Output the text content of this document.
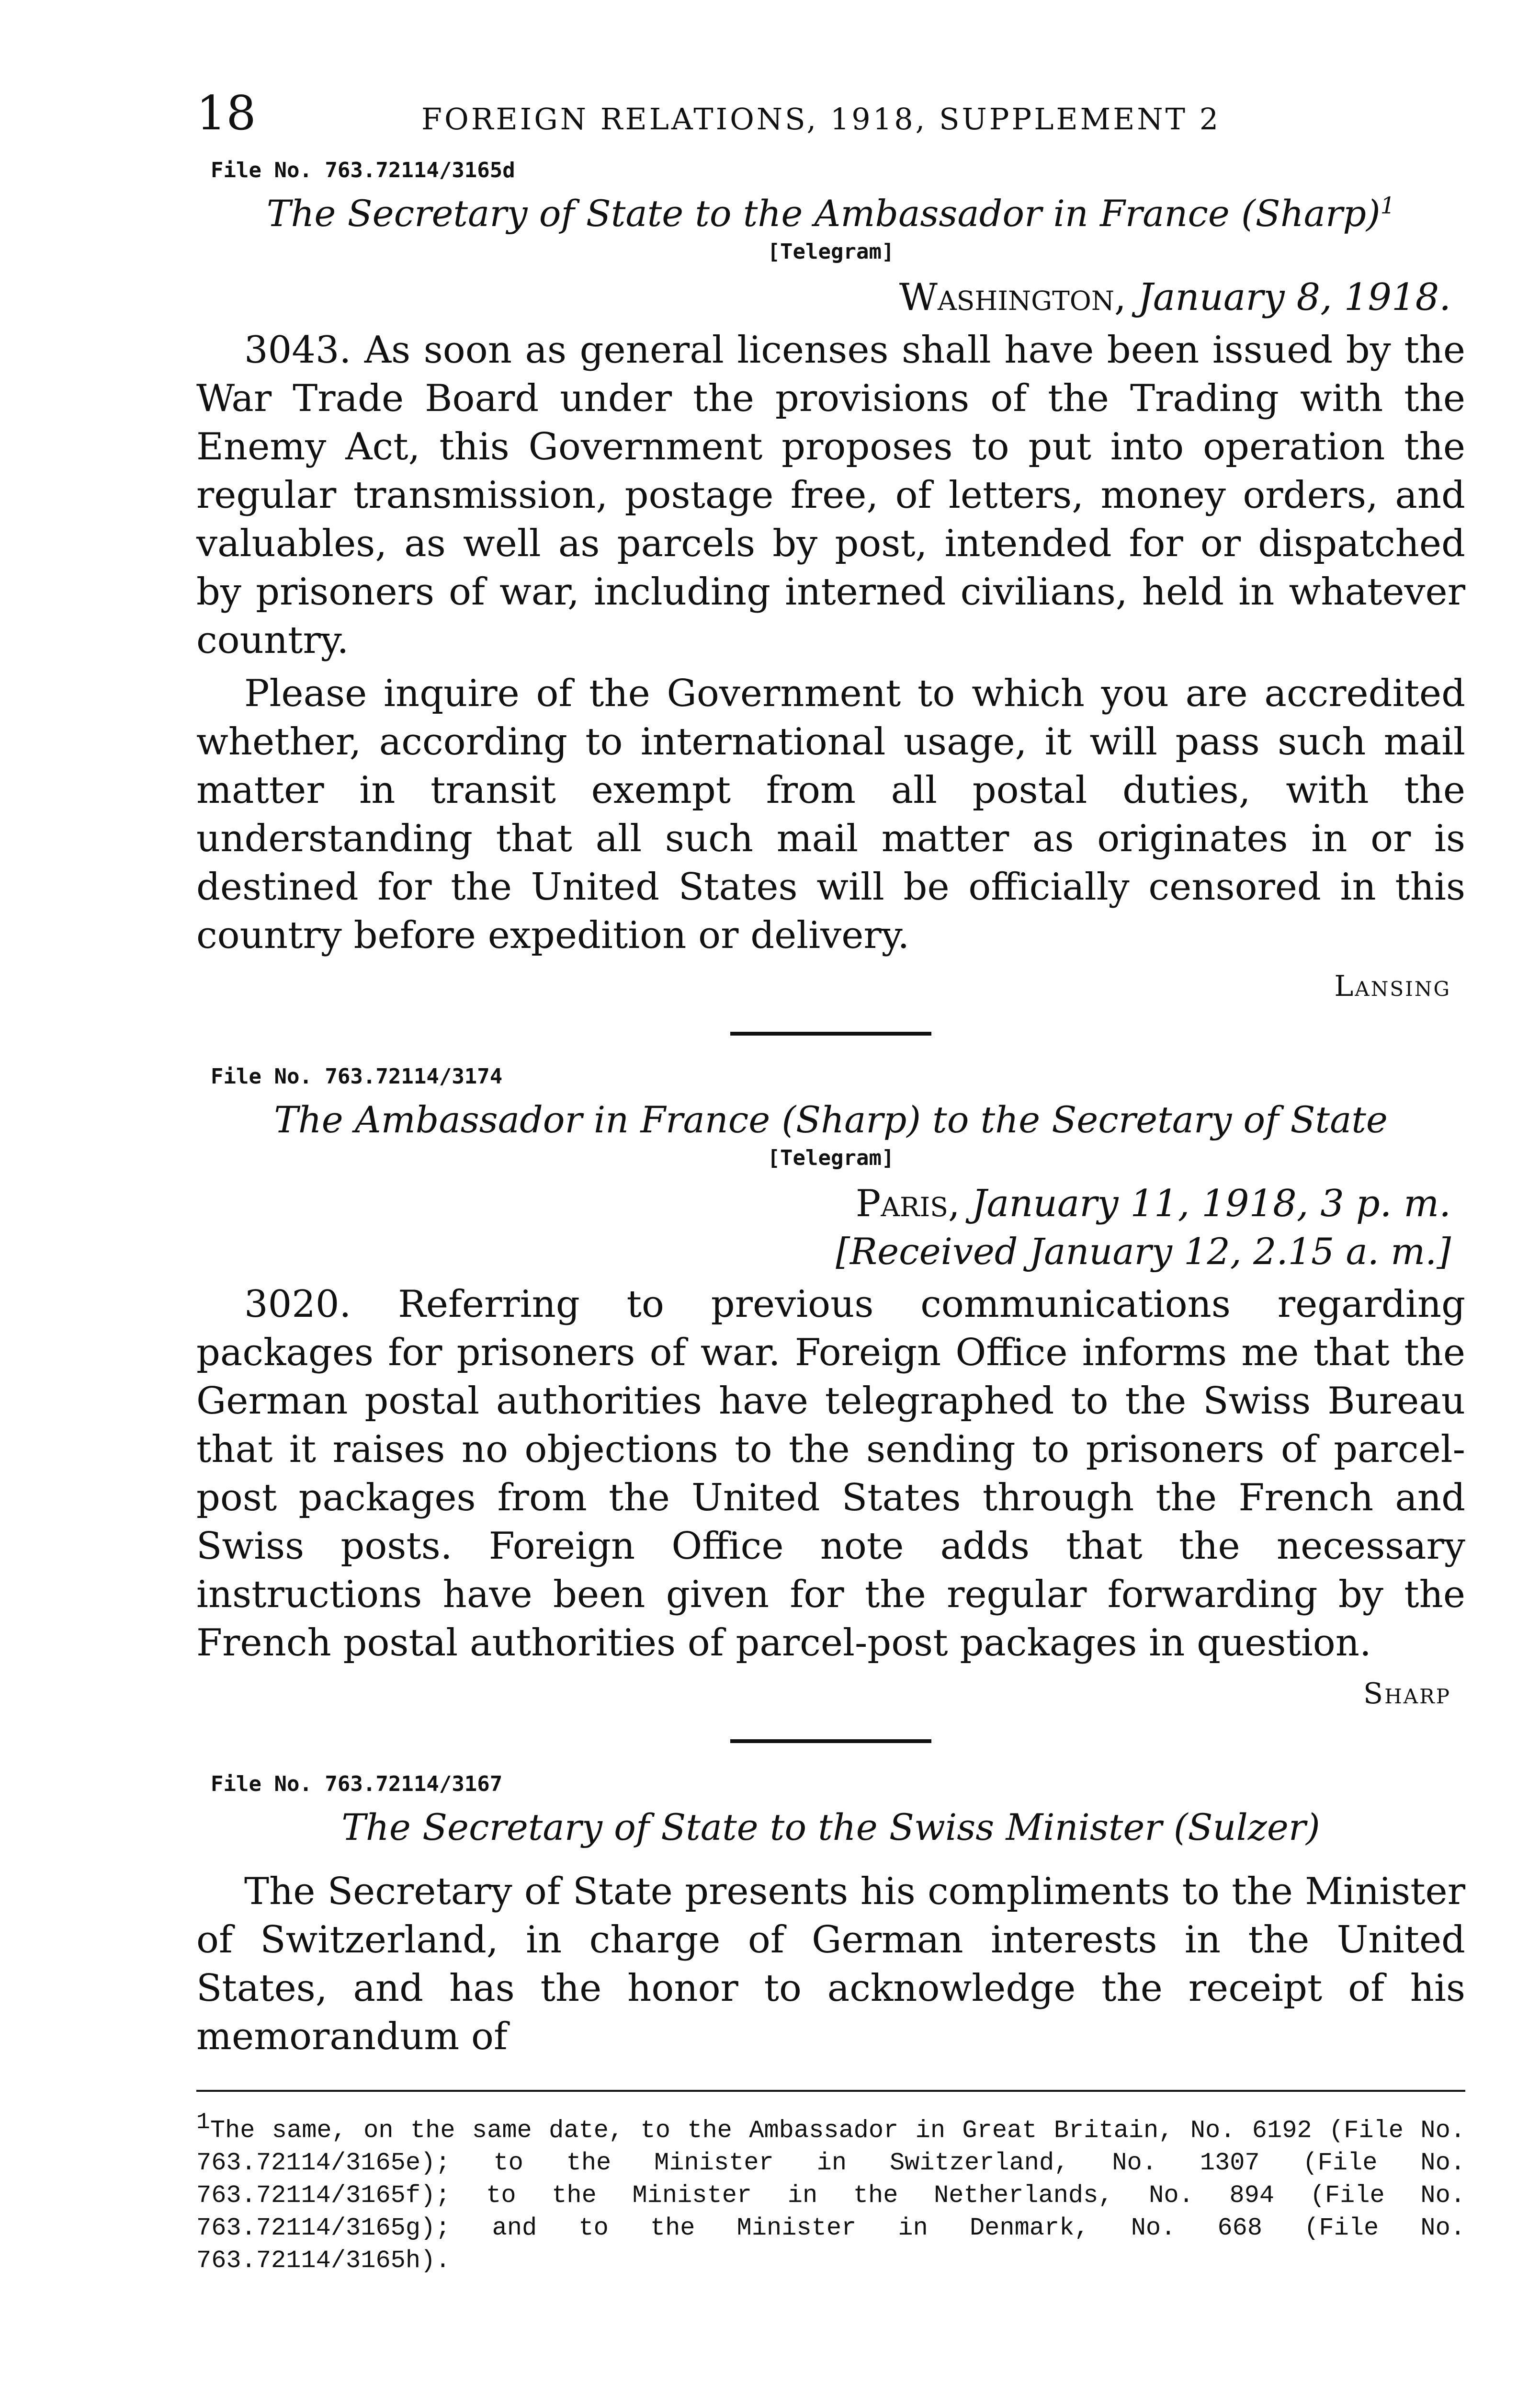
18	FOREIGN RELATIONS, 1918, SUPPLEMENT 2
File No. 763.72114/3165d
The Secretary of State to the Ambassador in France (Sharp)$^1$
[Telegram]
Washington, January 8, 1918.

3043. As soon as general licenses shall have been issued by the War Trade Board under the provisions of the Trading with the Enemy Act, this Government proposes to put into operation the regular transmission, postage free, of letters, money orders, and valuables, as well as parcels by post, intended for or dispatched by prisoners of war, including interned civilians, held in whatever country.

Please inquire of the Government to which you are accredited whether, according to international usage, it will pass such mail matter in transit exempt from all postal duties, with the understanding that all such mail matter as originates in or is destined for the United States will be officially censored in this country before expedition or delivery.

Lansing
File No. 763.72114/3174
The Ambassador in France (Sharp) to the Secretary of State
[Telegram]
Paris, January 11, 1918, 3 p. m.
[Received January 12, 2.15 a. m.]

3020. Referring to previous communications regarding packages for prisoners of war. Foreign Office informs me that the German postal authorities have telegraphed to the Swiss Bureau that it raises no objections to the sending to prisoners of parcel-post packages from the United States through the French and Swiss posts. Foreign Office note adds that the necessary instructions have been given for the regular forwarding by the French postal authorities of parcel-post packages in question.

Sharp
File No. 763.72114/3167
The Secretary of State to the Swiss Minister (Sulzer)

The Secretary of State presents his compliments to the Minister of Switzerland, in charge of German interests in the United States, and has the honor to acknowledge the receipt of his memorandum of

$^1$The same, on the same date, to the Ambassador in Great Britain, No. 6192 (File No. 763.72114/3165e); to the Minister in Switzerland, No. 1307 (File No. 763.72114/3165f); to the Minister in the Netherlands, No. 894 (File No. 763.72114/3165g); and to the Minister in Denmark, No. 668 (File No. 763.72114/3165h).
